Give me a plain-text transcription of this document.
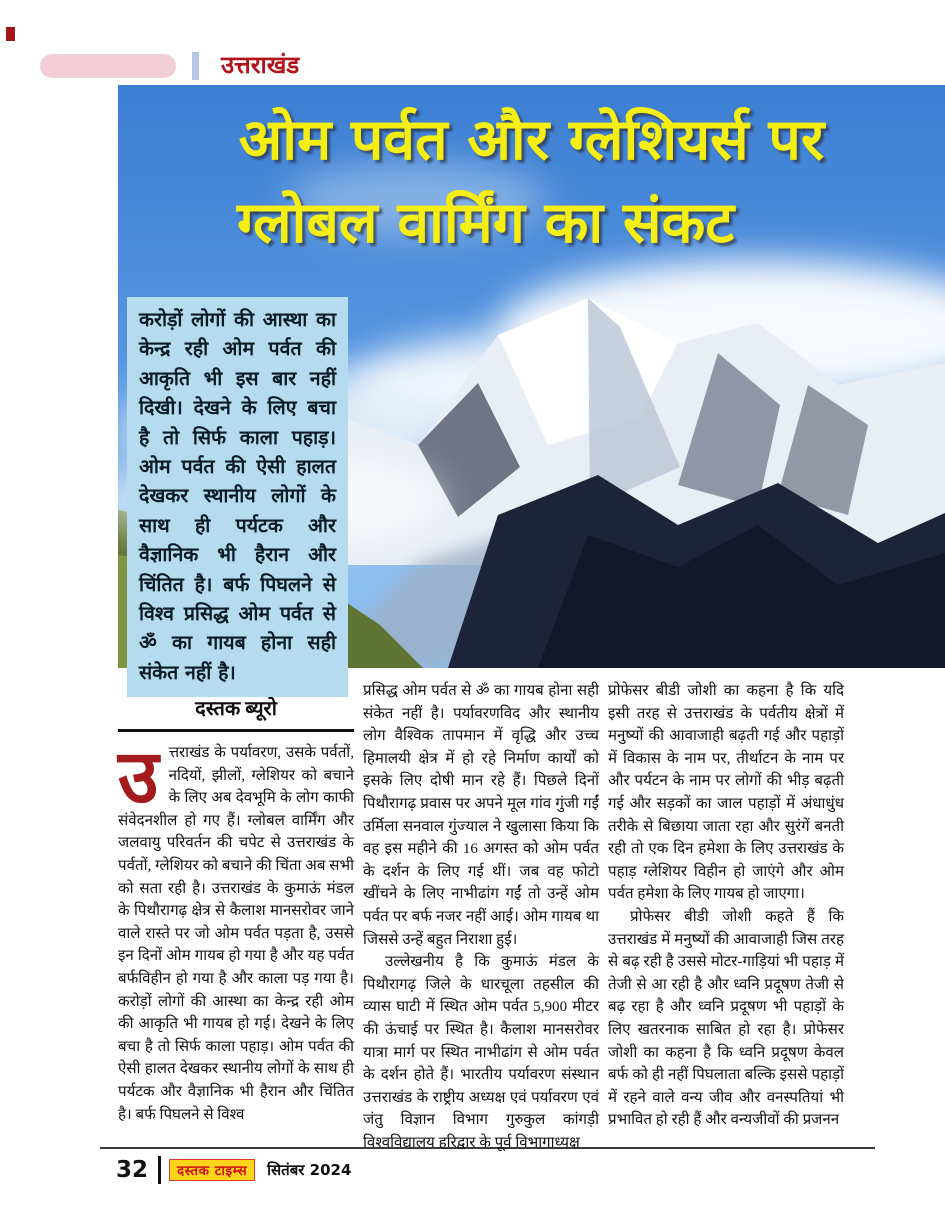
उत्तराखंड
ओम पर्वत और ग्लेशियर्स पर
ग्लोबल वार्मिंग का संकट
करोड़ों लोगों की आस्था का केन्द्र रही ओम पर्वत की आकृति भी इस बार नहीं दिखी। देखने के लिए बचा है तो सिर्फ काला पहाड़। ओम पर्वत की ऐसी हालत देखकर स्थानीय लोगों के साथ ही पर्यटक और वैज्ञानिक भी हैरान और चिंतित है। बर्फ पिघलने से विश्व प्रसिद्ध ओम पर्वत से ॐ का गायब होना सही संकेत नहीं है।
दस्तक ब्यूरो

उत्तराखंड के पर्यावरण, उसके पर्वतों, नदियों, झीलों, ग्लेशियर को बचाने के लिए अब देवभूमि के लोग काफी संवेदनशील हो गए हैं। ग्लोबल वार्मिंग और जलवायु परिवर्तन की चपेट से उत्तराखंड के पर्वतों, ग्लेशियर को बचाने की चिंता अब सभी को सता रही है। उत्तराखंड के कुमाऊं मंडल के पिथौरागढ़ क्षेत्र से कैलाश मानसरोवर जाने वाले रास्ते पर जो ओम पर्वत पड़ता है, उससे इन दिनों ओम गायब हो गया है और यह पर्वत बर्फविहीन हो गया है और काला पड़ गया है। करोड़ों लोगों की आस्था का केन्द्र रही ओम की आकृति भी गायब हो गई। देखने के लिए बचा है तो सिर्फ काला पहाड़। ओम पर्वत की ऐसी हालत देखकर स्थानीय लोगों के साथ ही पर्यटक और वैज्ञानिक भी हैरान और चिंतित है। बर्फ पिघलने से विश्व

प्रसिद्ध ओम पर्वत से ॐ का गायब होना सही संकेत नहीं है। पर्यावरणविद और स्थानीय लोग वैश्विक तापमान में वृद्धि और उच्च हिमालयी क्षेत्र में हो रहे निर्माण कार्यों को इसके लिए दोषी मान रहे हैं। पिछले दिनों पिथौरागढ़ प्रवास पर अपने मूल गांव गुंजी गईं उर्मिला सनवाल गुंज्याल ने खुलासा किया कि वह इस महीने की 16 अगस्त को ओम पर्वत के दर्शन के लिए गई थीं। जब वह फोटो खींचने के लिए नाभीढांग गईं तो उन्हें ओम पर्वत पर बर्फ नजर नहीं आई। ओम गायब था जिससे उन्हें बहुत निराशा हुई।

उल्लेखनीय है कि कुमाऊं मंडल के पिथौरागढ़ जिले के धारचूला तहसील की व्यास घाटी में स्थित ओम पर्वत 5,900 मीटर की ऊंचाई पर स्थित है। कैलाश मानसरोवर यात्रा मार्ग पर स्थित नाभीढांग से ओम पर्वत के दर्शन होते हैं। भारतीय पर्यावरण संस्थान उत्तराखंड के राष्ट्रीय अध्यक्ष एवं पर्यावरण एवं जंतु विज्ञान विभाग गुरुकुल कांगड़ी विश्वविद्यालय हरिद्वार के पूर्व विभागाध्यक्ष

प्रोफेसर बीडी जोशी का कहना है कि यदि इसी तरह से उत्तराखंड के पर्वतीय क्षेत्रों में मनुष्यों की आवाजाही बढ़ती गई और पहाड़ों में विकास के नाम पर, तीर्थाटन के नाम पर और पर्यटन के नाम पर लोगों की भीड़ बढ़ती गई और सड़कों का जाल पहाड़ों में अंधाधुंध तरीके से बिछाया जाता रहा और सुरंगें बनती रही तो एक दिन हमेशा के लिए उत्तराखंड के पहाड़ ग्लेशियर विहीन हो जाएंगे और ओम पर्वत हमेशा के लिए गायब हो जाएगा।

प्रोफेसर बीडी जोशी कहते हैं कि उत्तराखंड में मनुष्यों की आवाजाही जिस तरह से बढ़ रही है उससे मोटर-गाड़ियां भी पहाड़ में तेजी से आ रही है और ध्वनि प्रदूषण तेजी से बढ़ रहा है और ध्वनि प्रदूषण भी पहाड़ों के लिए खतरनाक साबित हो रहा है। प्रोफेसर जोशी का कहना है कि ध्वनि प्रदूषण केवल बर्फ को ही नहीं पिघलाता बल्कि इससे पहाड़ों में रहने वाले वन्य जीव और वनस्पतियां भी प्रभावित हो रही हैं और वन्यजीवों की प्रजनन

32	दस्तक टाइम्स	सितंबर 2024
